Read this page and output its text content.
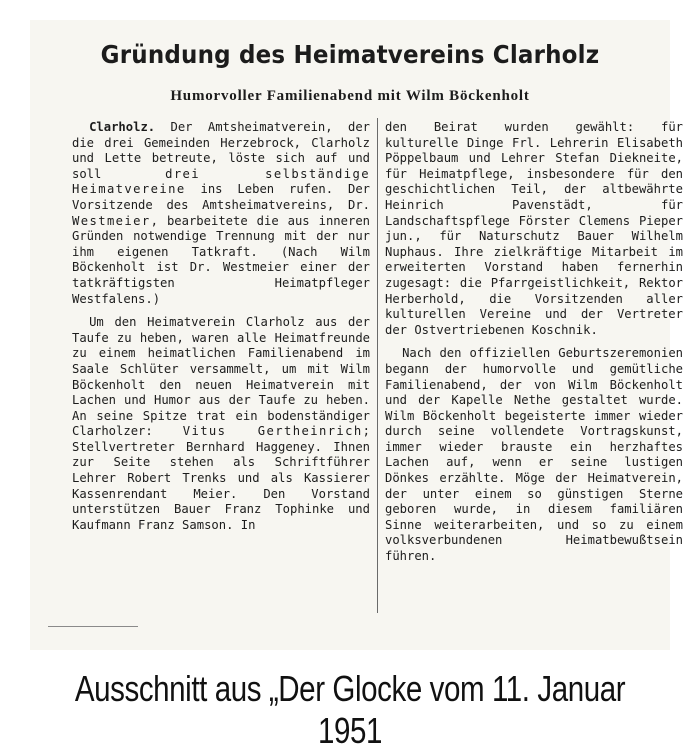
Gründung des Heimatvereins Clarholz
Humorvoller Familienabend mit Wilm Böckenholt

Clarholz. Der Amtsheimatverein, der die drei Gemeinden Herzebrock, Clarholz und Lette betreute, löste sich auf und soll drei selbständige Heimatvereine ins Leben rufen. Der Vorsitzende des Amtsheimatvereins, Dr. Westmeier, bearbeitete die aus inneren Gründen notwendige Trennung mit der nur ihm eigenen Tatkraft. (Nach Wilm Böckenholt ist Dr. Westmeier einer der tatkräftigsten Heimatpfleger Westfalens.)

Um den Heimatverein Clarholz aus der Taufe zu heben, waren alle Heimatfreunde zu einem heimatlichen Familienabend im Saale Schlüter versammelt, um mit Wilm Böckenholt den neuen Heimatverein mit Lachen und Humor aus der Taufe zu heben. An seine Spitze trat ein bodenständiger Clarholzer: Vitus Gertheinrich; Stellvertreter Bernhard Haggeney. Ihnen zur Seite stehen als Schriftführer Lehrer Robert Trenks und als Kassierer Kassenrendant Meier. Den Vorstand unterstützen Bauer Franz Tophinke und Kaufmann Franz Samson. In

den Beirat wurden gewählt: für kulturelle Dinge Frl. Lehrerin Elisabeth Pöppelbaum und Lehrer Stefan Diekneite, für Heimatpflege, insbesondere für den geschichtlichen Teil, der altbewährte Heinrich Pavenstädt, für Landschaftspflege Förster Clemens Pieper jun., für Naturschutz Bauer Wilhelm Nuphaus. Ihre zielkräftige Mitarbeit im erweiterten Vorstand haben fernerhin zugesagt: die Pfarrgeistlichkeit, Rektor Herberhold, die Vorsitzenden aller kulturellen Vereine und der Vertreter der Ostvertriebenen Koschnik.

Nach den offiziellen Geburtszeremonien begann der humorvolle und gemütliche Familienabend, der von Wilm Böckenholt und der Kapelle Nethe gestaltet wurde. Wilm Böckenholt begeisterte immer wieder durch seine vollendete Vortragskunst, immer wieder brauste ein herzhaftes Lachen auf, wenn er seine lustigen Dönkes erzählte. Möge der Heimatverein, der unter einem so günstigen Sterne geboren wurde, in diesem familiären Sinne weiterarbeiten, und so zu einem volksverbundenen Heimatbewußtsein führen.

Ausschnitt aus „Der Glocke vom 11. Januar 1951
